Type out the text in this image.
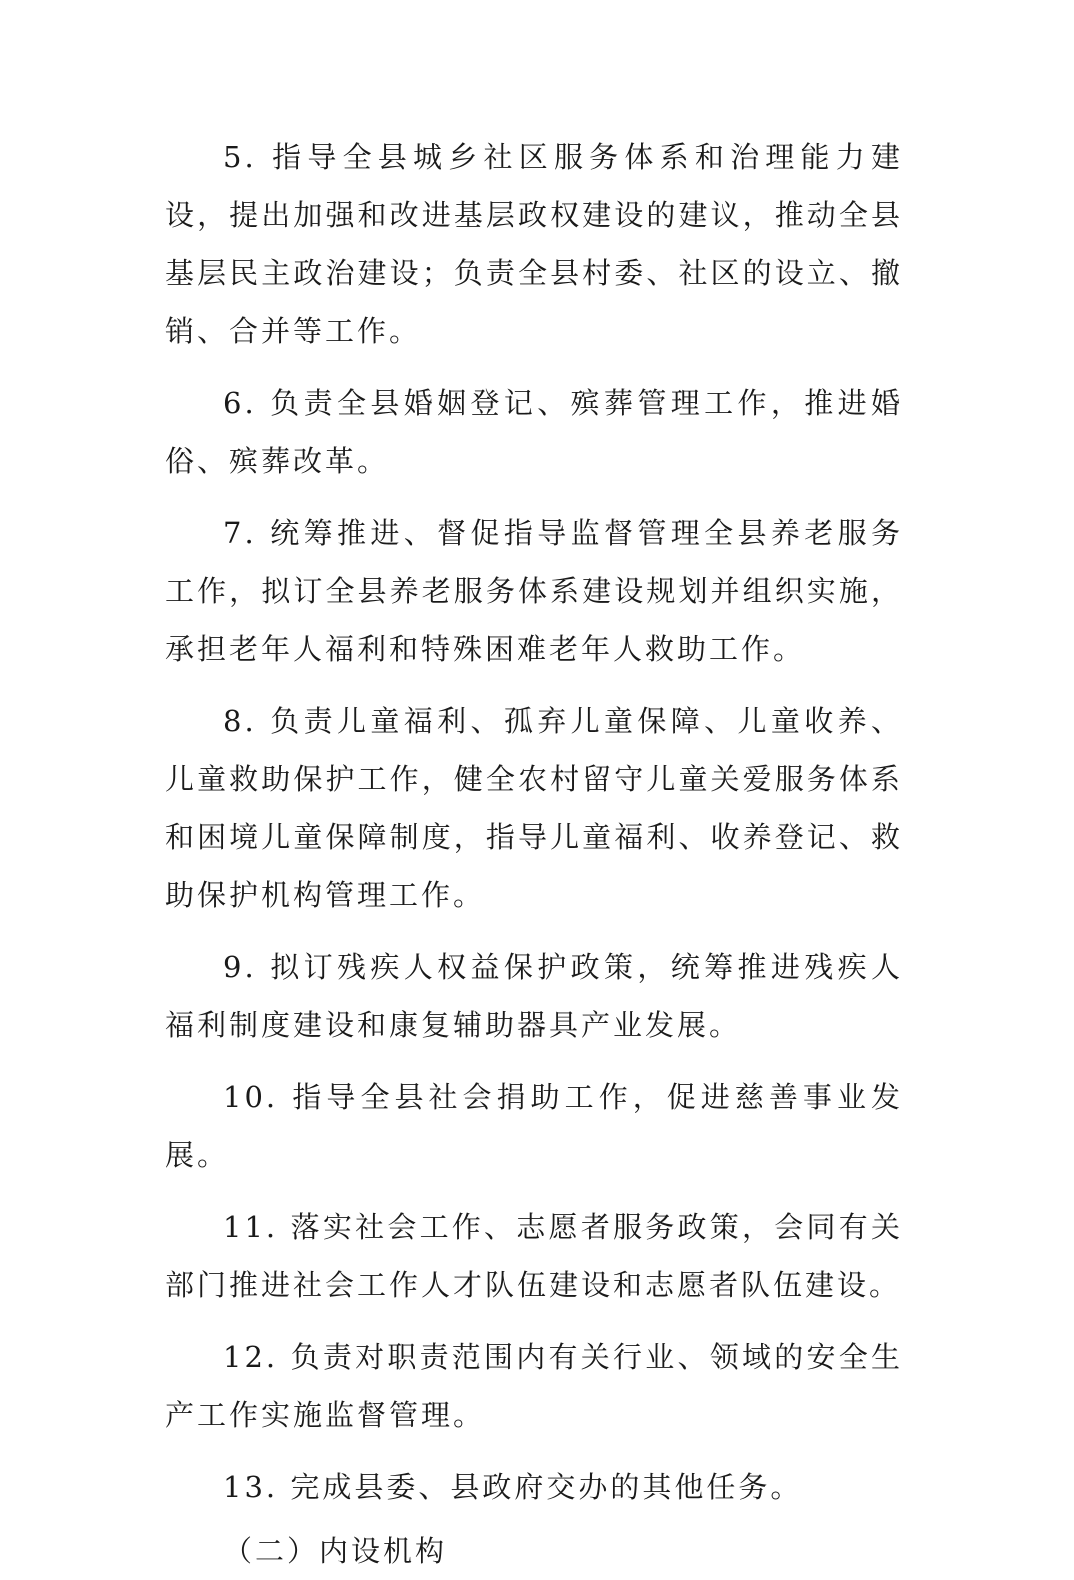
5. 指导全县城乡社区服务体系和治理能力建设，提出加强和改进基层政权建设的建议，推动全县基层民主政治建设；负责全县村委、社区的设立、撤销、合并等工作。

6. 负责全县婚姻登记、殡葬管理工作，推进婚俗、殡葬改革。

7. 统筹推进、督促指导监督管理全县养老服务工作，拟订全县养老服务体系建设规划并组织实施，承担老年人福利和特殊困难老年人救助工作。

8. 负责儿童福利、孤弃儿童保障、儿童收养、儿童救助保护工作，健全农村留守儿童关爱服务体系和困境儿童保障制度，指导儿童福利、收养登记、救助保护机构管理工作。

9. 拟订残疾人权益保护政策，统筹推进残疾人福利制度建设和康复辅助器具产业发展。

10. 指导全县社会捐助工作，促进慈善事业发展。

11. 落实社会工作、志愿者服务政策，会同有关部门推进社会工作人才队伍建设和志愿者队伍建设。

12. 负责对职责范围内有关行业、领域的安全生产工作实施监督管理。

13. 完成县委、县政府交办的其他任务。

（二）内设机构
